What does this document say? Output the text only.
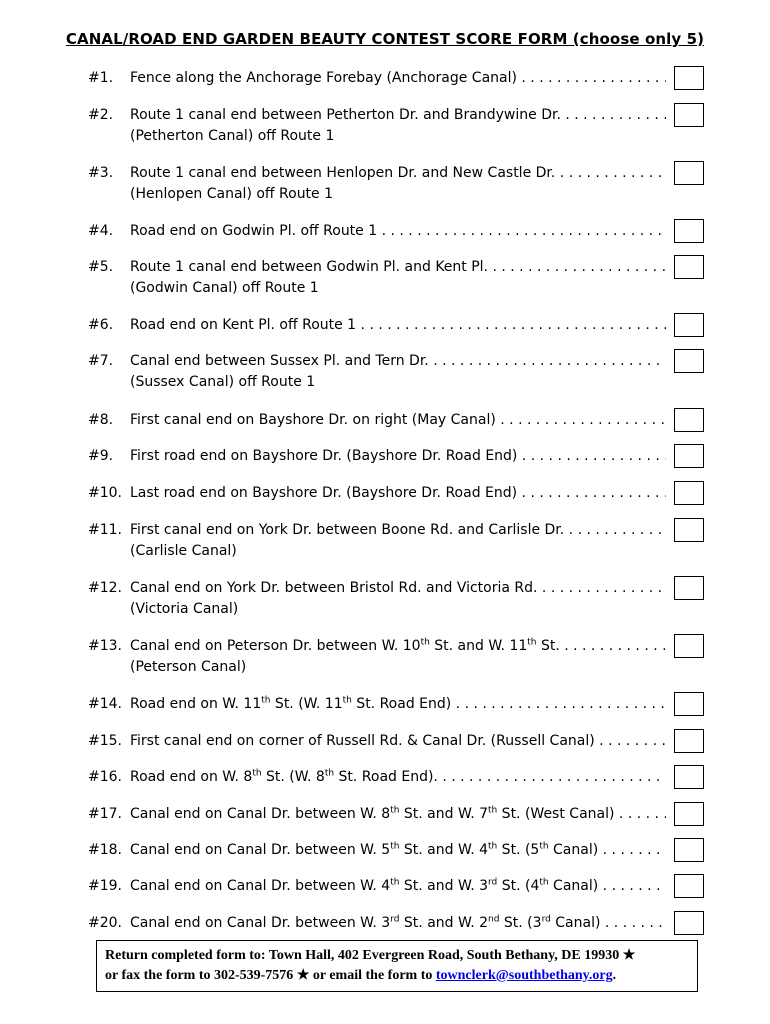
CANAL/ROAD END GARDEN BEAUTY CONTEST SCORE FORM (choose only 5)
#1. Fence along the Anchorage Forebay (Anchorage Canal) . . .
#2. Route 1 canal end between Petherton Dr. and Brandywine Dr. . . .
(Petherton Canal) off Route 1
#3. Route 1 canal end between Henlopen Dr. and New Castle Dr. . . .
(Henlopen Canal) off Route 1
#4. Road end on Godwin Pl. off Route 1 . . .
#5. Route 1 canal end between Godwin Pl. and Kent Pl. . . .
(Godwin Canal) off Route 1
#6. Road end on Kent Pl. off Route 1 . . .
#7. Canal end between Sussex Pl. and Tern Dr. . . .
(Sussex Canal) off Route 1
#8. First canal end on Bayshore Dr. on right (May Canal) . . .
#9. First road end on Bayshore Dr. (Bayshore Dr. Road End) . . .
#10. Last road end on Bayshore Dr. (Bayshore Dr. Road End) . . .
#11. First canal end on York Dr. between Boone Rd. and Carlisle Dr. . . .
(Carlisle Canal)
#12. Canal end on York Dr. between Bristol Rd. and Victoria Rd. . . .
(Victoria Canal)
#13. Canal end on Peterson Dr. between W. 10th St. and W. 11th St. . . .
(Peterson Canal)
#14. Road end on W. 11th St. (W. 11th St. Road End) . . .
#15. First canal end on corner of Russell Rd. & Canal Dr. (Russell Canal) . . .
#16. Road end on W. 8th St. (W. 8th St. Road End). . . .
#17. Canal end on Canal Dr. between W. 8th St. and W. 7th St. (West Canal) . . .
#18. Canal end on Canal Dr. between W. 5th St. and W. 4th St. (5th Canal) . . .
#19. Canal end on Canal Dr. between W. 4th St. and W. 3rd St. (4th Canal) . . .
#20. Canal end on Canal Dr. between W. 3rd St. and W. 2nd St. (3rd Canal) . . .
Return completed form to: Town Hall, 402 Evergreen Road, South Bethany, DE 19930 ★
or fax the form to 302-539-7576 ★ or email the form to townclerk@southbethany.org.
